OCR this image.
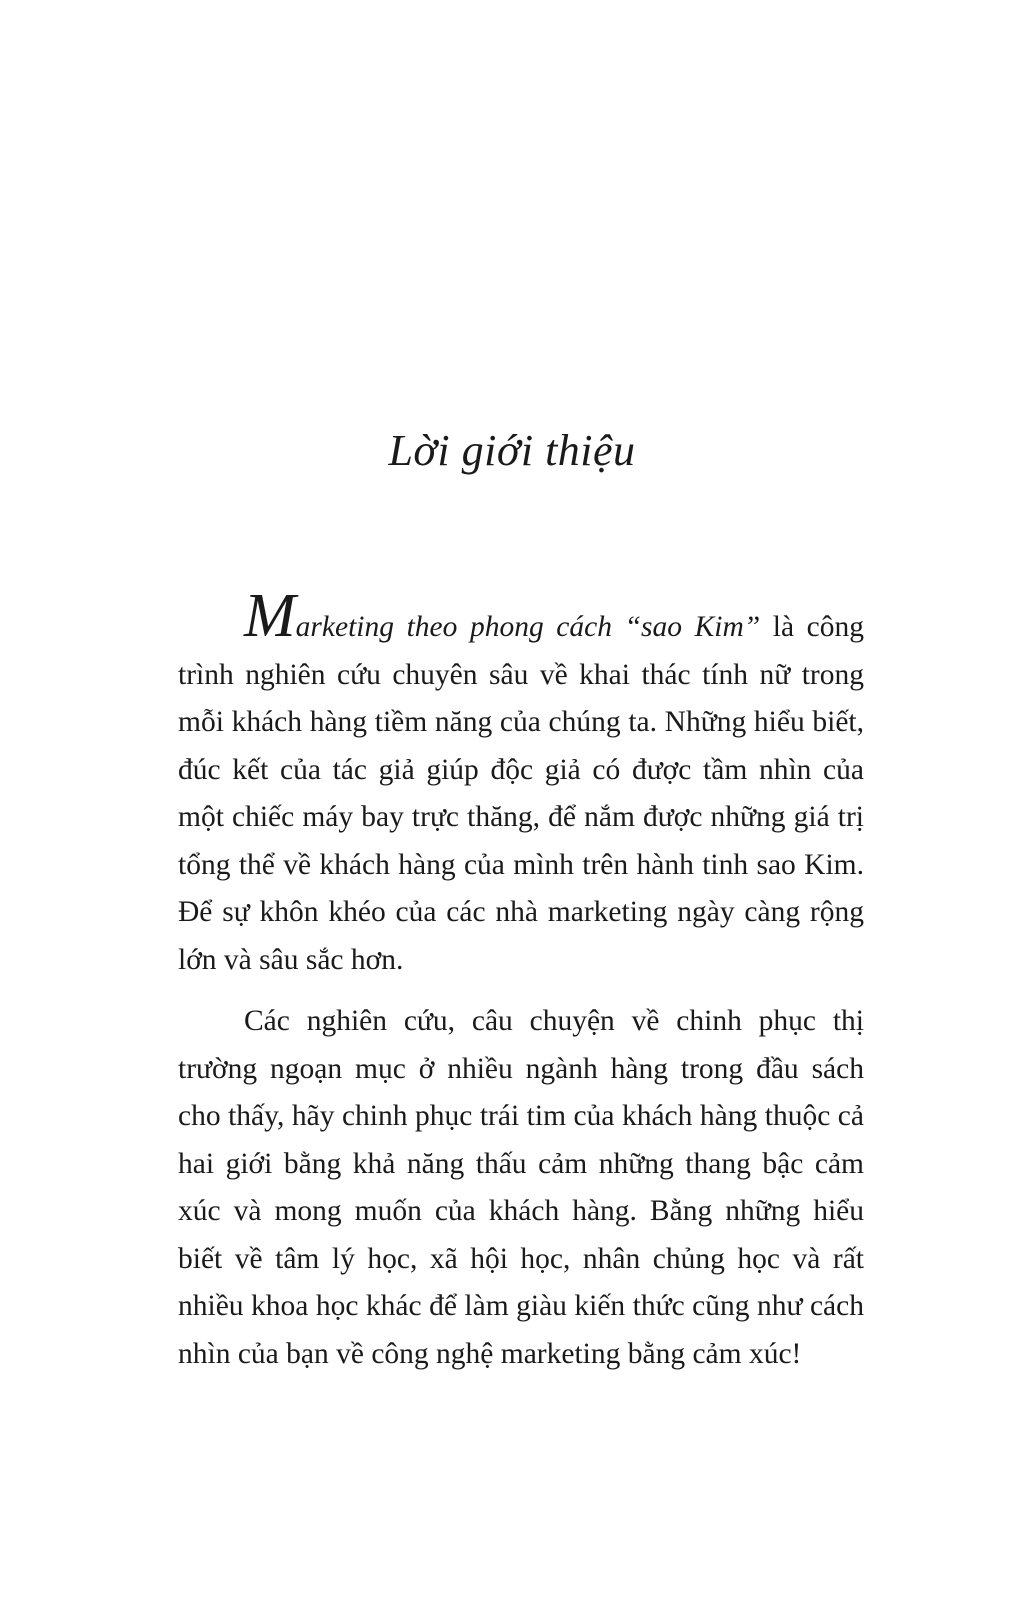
Lời giới thiệu

Marketing theo phong cách “sao Kim” là công trình nghiên cứu chuyên sâu về khai thác tính nữ trong mỗi khách hàng tiềm năng của chúng ta. Những hiểu biết, đúc kết của tác giả giúp độc giả có được tầm nhìn của một chiếc máy bay trực thăng, để nắm được những giá trị tổng thể về khách hàng của mình trên hành tinh sao Kim. Để sự khôn khéo của các nhà marketing ngày càng rộng lớn và sâu sắc hơn.

Các nghiên cứu, câu chuyện về chinh phục thị trường ngoạn mục ở nhiều ngành hàng trong đầu sách cho thấy, hãy chinh phục trái tim của khách hàng thuộc cả hai giới bằng khả năng thấu cảm những thang bậc cảm xúc và mong muốn của khách hàng. Bằng những hiểu biết về tâm lý học, xã hội học, nhân chủng học và rất nhiều khoa học khác để làm giàu kiến thức cũng như cách nhìn của bạn về công nghệ marketing bằng cảm xúc!
